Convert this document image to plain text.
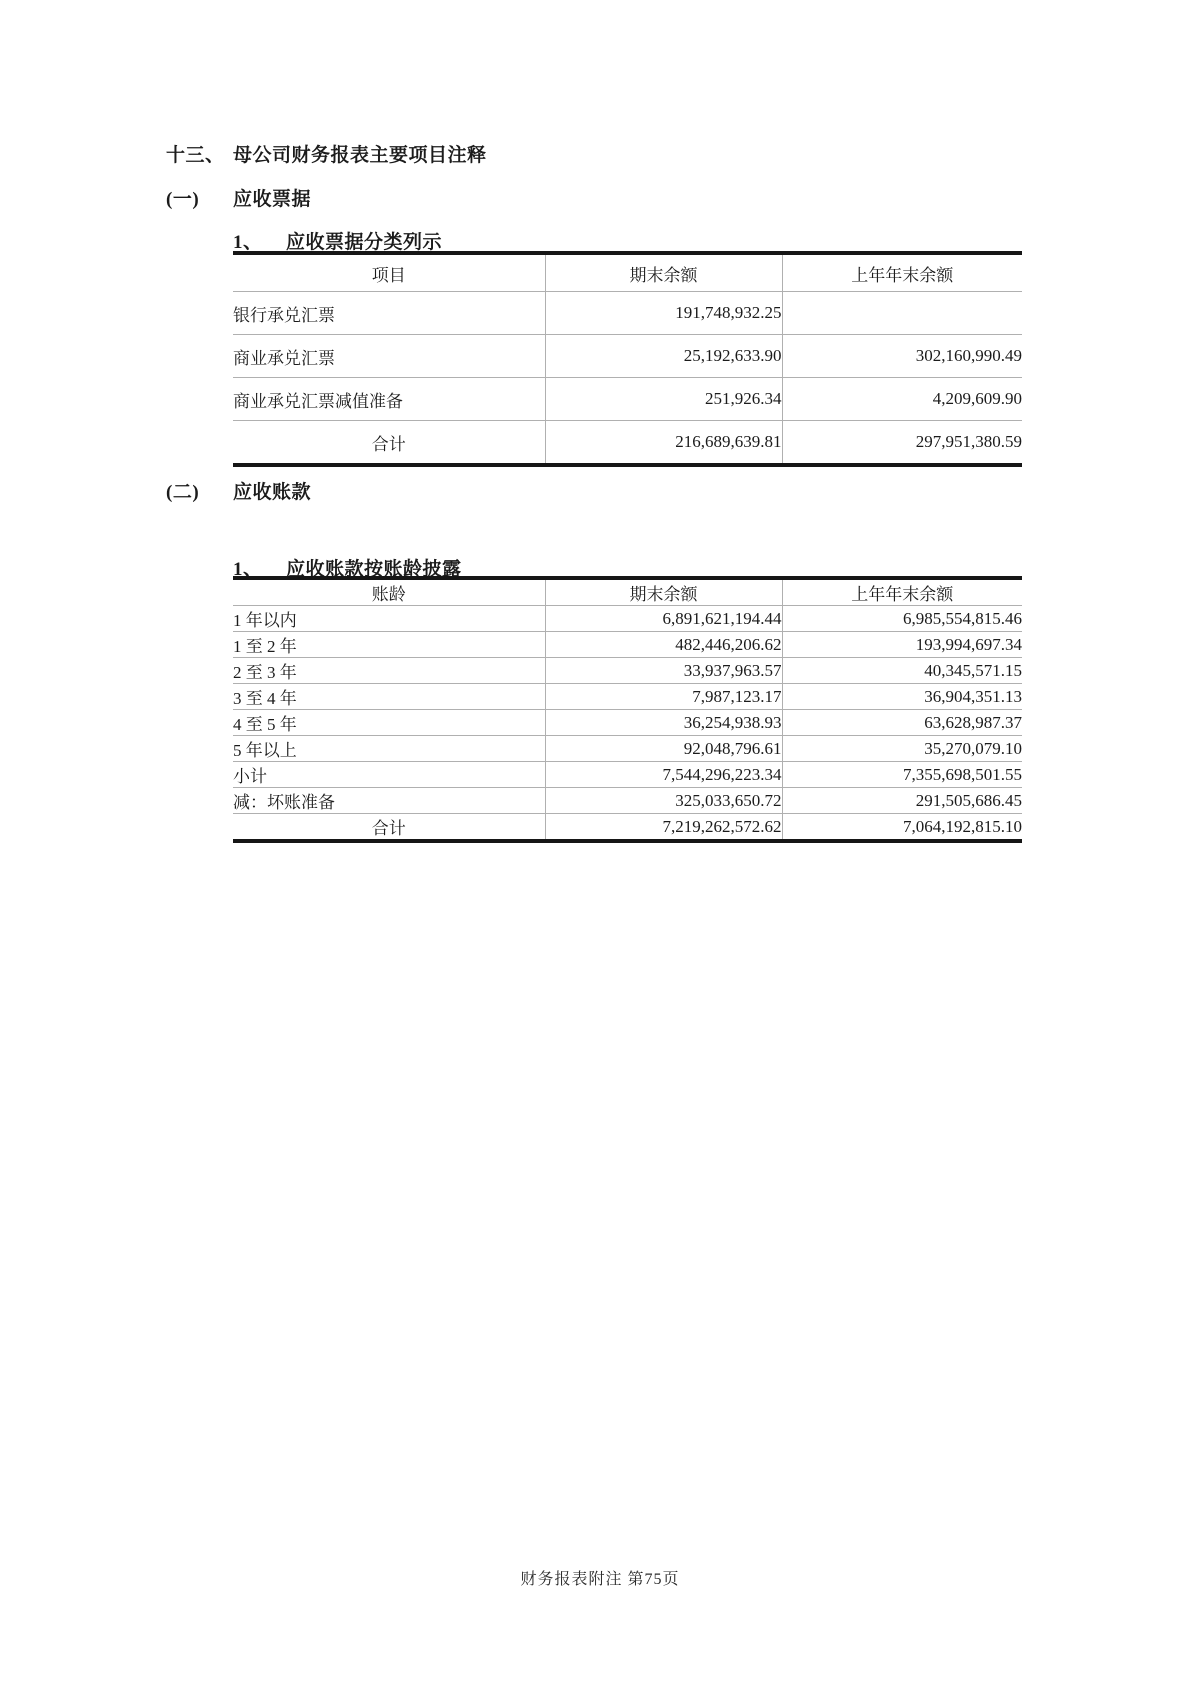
十三、 母公司财务报表主要项目注释
(一) 应收票据
1、 应收票据分类列示
项目	期末余额	上年年末余额
银行承兑汇票	191,748,932.25	
商业承兑汇票	25,192,633.90	302,160,990.49
商业承兑汇票减值准备	251,926.34	4,209,609.90
合计	216,689,639.81	297,951,380.59
(二) 应收账款
1、 应收账款按账龄披露
账龄	期末余额	上年年末余额
1 年以内	6,891,621,194.44	6,985,554,815.46
1 至 2 年	482,446,206.62	193,994,697.34
2 至 3 年	33,937,963.57	40,345,571.15
3 至 4 年	7,987,123.17	36,904,351.13
4 至 5 年	36,254,938.93	63,628,987.37
5 年以上	92,048,796.61	35,270,079.10
小计	7,544,296,223.34	7,355,698,501.55
减：坏账准备	325,033,650.72	291,505,686.45
合计	7,219,262,572.62	7,064,192,815.10
财务报表附注 第75页
